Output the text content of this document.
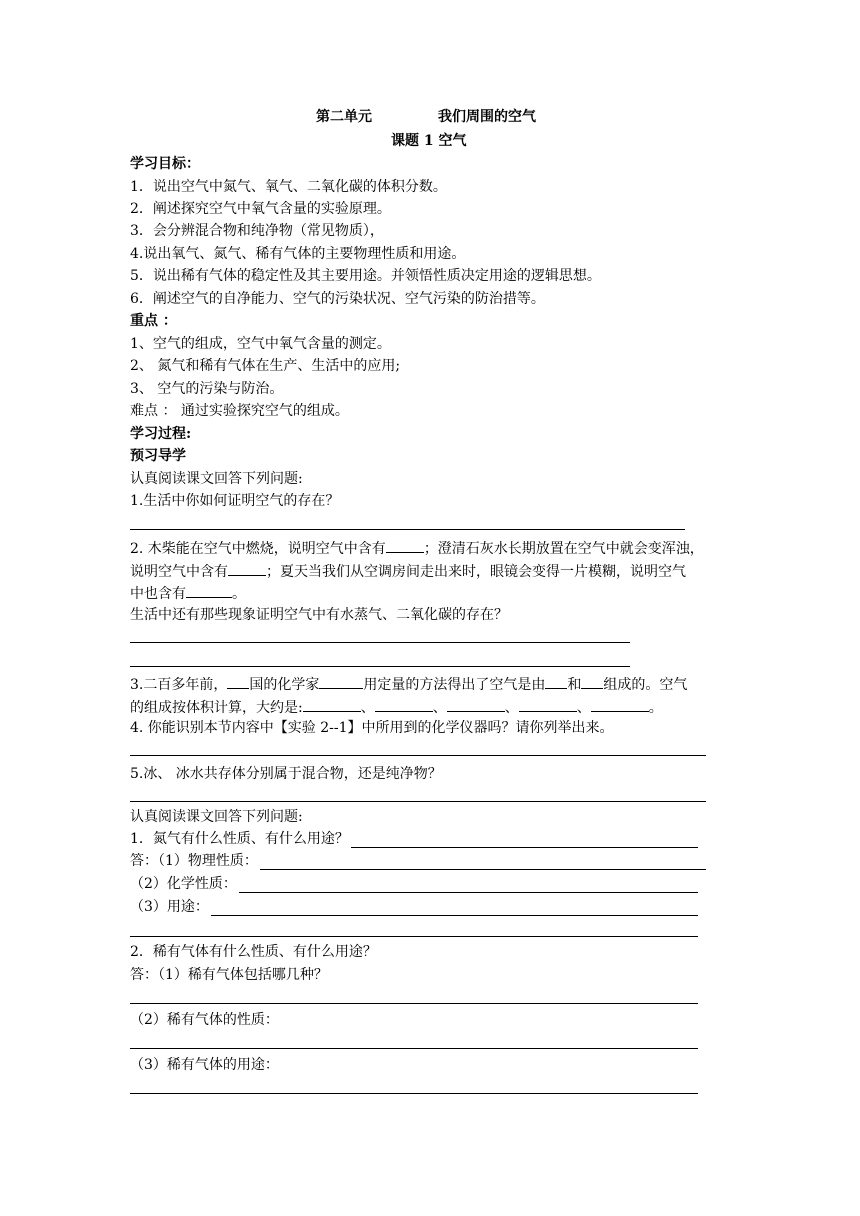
第二单元	我们周围的空气
课题 1 空气
学习目标：
1．说出空气中氮气、氧气、二氧化碳的体积分数。
2．阐述探究空气中氧气含量的实验原理。
3．会分辨混合物和纯净物（常见物质），
4.说出氧气、氮气、稀有气体的主要物理性质和用途。
5．说出稀有气体的稳定性及其主要用途。并领悟性质决定用途的逻辑思想。
6．阐述空气的自净能力、空气的污染状况、空气污染的防治措等。
重点 ：
1、空气的组成，空气中氧气含量的测定。
2、 氮气和稀有气体在生产、生活中的应用;
3、 空气的污染与防治。
难点 ： 通过实验探究空气的组成。
学习过程:
预习导学
认真阅读课文回答下列问题:
1.生活中你如何证明空气的存在？
2. 木柴能在空气中燃烧，说明空气中含有	；澄清石灰水长期放置在空气中就会变浑浊，
说明空气中含有	；夏天当我们从空调房间走出来时，眼镜会变得一片模糊，说明空气
中也含有	。
生活中还有那些现象证明空气中有水蒸气、二氧化碳的存在？
3.二百多年前， 国的化学家	用定量的方法得出了空气是由 和 组成的。空气
的组成按体积计算，大约是:	、	、	、	、	。
4. 你能识别本节内容中【实验 2--1】中所用到的化学仪器吗？请你列举出来。
5.冰、 冰水共存体分别属于混合物，还是纯净物？
认真阅读课文回答下列问题:
1．氮气有什么性质、有什么用途？
答：（1）物理性质：
（2）化学性质：
（3）用途：
2．稀有气体有什么性质、有什么用途？
答：（1）稀有气体包括哪几种？
（2）稀有气体的性质：
（3）稀有气体的用途：
